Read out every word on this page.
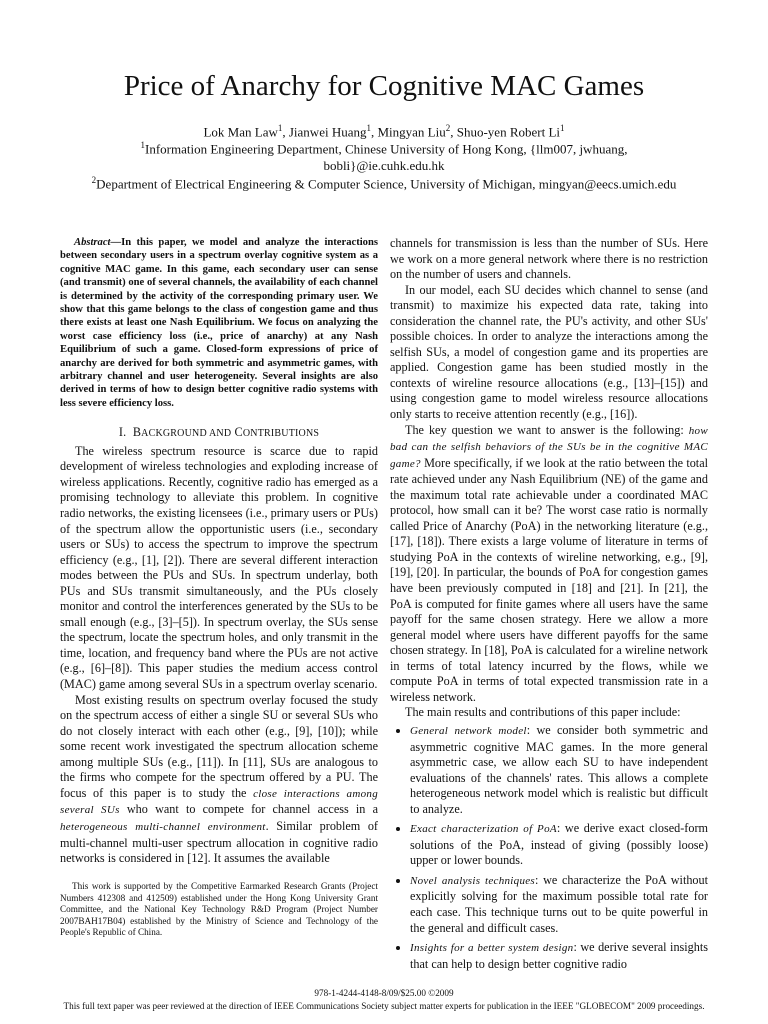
Price of Anarchy for Cognitive MAC Games
Lok Man Law$^1$, Jianwei Huang$^1$, Mingyan Liu$^2$, Shuo-yen Robert Li$^1$
$^1$Information Engineering Department, Chinese University of Hong Kong, {llm007, jwhuang,
bobli}@ie.cuhk.edu.hk
$^2$Department of Electrical Engineering & Computer Science, University of Michigan, mingyan@eecs.umich.edu

Abstract—In this paper, we model and analyze the interactions between secondary users in a spectrum overlay cognitive system as a cognitive MAC game. In this game, each secondary user can sense (and transmit) one of several channels, the availability of each channel is determined by the activity of the corresponding primary user. We show that this game belongs to the class of congestion game and thus there exists at least one Nash Equilibrium. We focus on analyzing the worst case efficiency loss (i.e., price of anarchy) at any Nash Equilibrium of such a game. Closed-form expressions of price of anarchy are derived for both symmetric and asymmetric games, with arbitrary channel and user heterogeneity. Several insights are also derived in terms of how to design better cognitive radio systems with less severe efficiency loss.

I. BACKGROUND AND CONTRIBUTIONS

The wireless spectrum resource is scarce due to rapid development of wireless technologies and exploding increase of wireless applications. Recently, cognitive radio has emerged as a promising technology to alleviate this problem. In cognitive radio networks, the existing licensees (i.e., primary users or PUs) of the spectrum allow the opportunistic users (i.e., secondary users or SUs) to access the spectrum to improve the spectrum efficiency (e.g., [1], [2]). There are several different interaction modes between the PUs and SUs. In spectrum underlay, both PUs and SUs transmit simultaneously, and the PUs closely monitor and control the interferences generated by the SUs to be small enough (e.g., [3]–[5]). In spectrum overlay, the SUs sense the spectrum, locate the spectrum holes, and only transmit in the time, location, and frequency band where the PUs are not active (e.g., [6]–[8]). This paper studies the medium access control (MAC) game among several SUs in a spectrum overlay scenario.

Most existing results on spectrum overlay focused the study on the spectrum access of either a single SU or several SUs who do not closely interact with each other (e.g., [9], [10]); while some recent work investigated the spectrum allocation scheme among multiple SUs (e.g., [11]). In [11], SUs are analogous to the firms who compete for the spectrum offered by a PU. The focus of this paper is to study the close interactions among several SUs who want to compete for channel access in a heterogeneous multi-channel environment. Similar problem of multi-channel multi-user spectrum allocation in cognitive radio networks is considered in [12]. It assumes the available

This work is supported by the Competitive Earmarked Research Grants (Project Numbers 412308 and 412509) established under the Hong Kong University Grant Committee, and the National Key Technology R&D Program (Project Number 2007BAH17B04) established by the Ministry of Science and Technology of the People's Republic of China.

channels for transmission is less than the number of SUs. Here we work on a more general network where there is no restriction on the number of users and channels.

In our model, each SU decides which channel to sense (and transmit) to maximize his expected data rate, taking into consideration the channel rate, the PU's activity, and other SUs' possible choices. In order to analyze the interactions among the selfish SUs, a model of congestion game and its properties are applied. Congestion game has been studied mostly in the contexts of wireline resource allocations (e.g., [13]–[15]) and using congestion game to model wireless resource allocations only starts to receive attention recently (e.g., [16]).

The key question we want to answer is the following: how bad can the selfish behaviors of the SUs be in the cognitive MAC game? More specifically, if we look at the ratio between the total rate achieved under any Nash Equilibrium (NE) of the game and the maximum total rate achievable under a coordinated MAC protocol, how small can it be? The worst case ratio is normally called Price of Anarchy (PoA) in the networking literature (e.g., [17], [18]). There exists a large volume of literature in terms of studying PoA in the contexts of wireline networking, e.g., [9], [19], [20]. In particular, the bounds of PoA for congestion games have been previously computed in [18] and [21]. In [21], the PoA is computed for finite games where all users have the same payoff for the same chosen strategy. Here we allow a more general model where users have different payoffs for the same chosen strategy. In [18], PoA is calculated for a wireline network in terms of total latency incurred by the flows, while we compute PoA in terms of total expected transmission rate in a wireless network.

The main results and contributions of this paper include:

• General network model: we consider both symmetric and asymmetric cognitive MAC games. In the more general asymmetric case, we allow each SU to have independent evaluations of the channels' rates. This allows a complete heterogeneous network model which is realistic but difficult to analyze.
• Exact characterization of PoA: we derive exact closed-form solutions of the PoA, instead of giving (possibly loose) upper or lower bounds.
• Novel analysis techniques: we characterize the PoA without explicitly solving for the maximum possible total rate for each case. This technique turns out to be quite powerful in the general and difficult cases.
• Insights for a better system design: we derive several insights that can help to design better cognitive radio
978-1-4244-4148-8/09/$25.00 ©2009
This full text paper was peer reviewed at the direction of IEEE Communications Society subject matter experts for publication in the IEEE "GLOBECOM" 2009 proceedings.
